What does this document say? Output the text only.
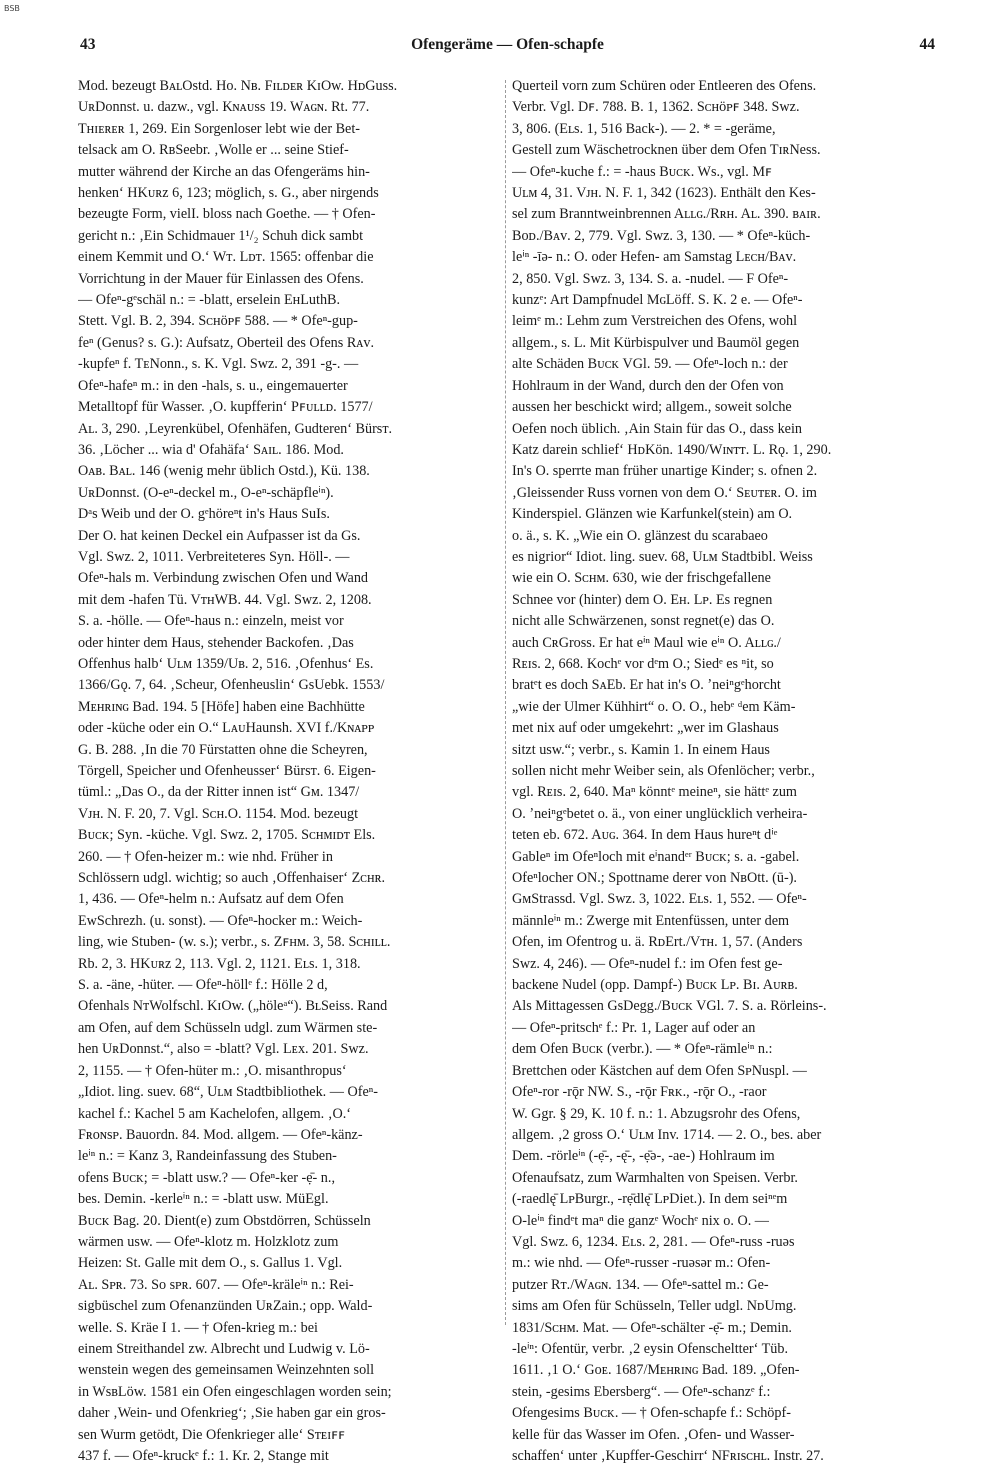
BSB
43	Ofengeräme — Ofen-schapfe	44
Mod. bezeugt BᴀʟOstd. Ho. Nʙ. Fɪʟᴅᴇʀ KɪOw. HᴅGuss.
UʀDonnst. u. dazw., vgl. Kɴᴀᴜss 19. Wᴀɢɴ. Rt. 77.
Tʜɪᴇʀᴇʀ 1, 269. Ein Sorgenloser lebt wie der Bet-
telsack am O. RʙSeebr. ‚Wolle er ... seine Stief-
mutter während der Kirche an das Ofengeräms hin-
henken‘ HKᴜʀᴢ 6, 123; möglich, s. G., aber nirgends
bezeugte Form, vielI. bloss nach Goethe. — † Ofen-
gericht n.: ‚Ein Schidmauer 1¹/₂ Schuh dick sambt
einem Kemmit und O.‘ Wᴛ. Lᴅᴛ. 1565: offenbar die
Vorrichtung in der Mauer für Einlassen des Ofens.
— Ofeⁿ-gᵉschäl n.: = -blatt, erselein EʜLuthB.
Stett. Vgl. B. 2, 394. Sᴄʜöᴘꜰ 588. — * Ofeⁿ-gup-
feⁿ (Genus? s. G.): Aufsatz, Oberteil des Ofens Rᴀᴠ.
-kupfeⁿ f. TᴇNonn., s. K. Vgl. Swz. 2, 391 -g-. —
Ofeⁿ-hafeⁿ m.: in den -hals, s. u., eingemauerter
Metalltopf für Wasser. ‚O. kupfferin‘ Pꜰᴜʟʟᴅ. 1577/
Aʟ. 3, 290. ‚Leyrenkübel, Ofenhäfen, Gudteren‘ Bürsᴛ.
36. ‚Löcher ... wia d' Ofahäfa‘ Sᴀɪʟ. 186. Mod.
Oᴀʙ. Bᴀʟ. 146 (wenig mehr üblich Ostd.), Kü. 138.
UʀDonnst. (O-eⁿ-deckel m., O-eⁿ-schäpfleⁱⁿ).
Dᵃs Weib und der O. gᵉhöreⁿt in's Haus SuIs.
Der O. hat keinen Deckel ein Aufpasser ist da Gs.
Vgl. Swz. 2, 1011. Verbreiteteres Syn. Höll-. —
Ofeⁿ-hals m. Verbindung zwischen Ofen und Wand
mit dem -hafen Tü. VᴛʜWB. 44. Vgl. Swz. 2, 1208.
S. a. -hölle. — Ofeⁿ-haus n.: einzeln, meist vor
oder hinter dem Haus, stehender Backofen. ‚Das
Offenhus halb‘ Uʟᴍ 1359/Uʙ. 2, 516. ‚Ofenhus‘ Es.
1366/Gǫ. 7, 64. ‚Scheur, Ofenheuslin‘ GsUebk. 1553/
Mᴇʜʀɪɴɢ Bad. 194. 5 [Höfe] haben eine Bachhütte
oder -küche oder ein O.“ LᴀᴜHaunsh. XVI f./Kɴᴀᴘᴘ
G. B. 288. ‚In die 70 Fürstatten ohne die Scheyren,
Törgell, Speicher und Ofenheusser‘ Bürsᴛ. 6. Eigen-
tüml.: „Das O., da der Ritter innen ist“ Gᴍ. 1347/
Vᴊʜ. N. F. 20, 7. Vgl. Sᴄʜ.O. 1154. Mod. bezeugt
Bᴜᴄᴋ; Syn. -küche. Vgl. Swz. 2, 1705. Sᴄʜᴍɪᴅᴛ Els.
260. — † Ofen-heizer m.: wie nhd. Früher in
Schlössern udgl. wichtig; so auch ‚Offenhaiser‘ Zᴄʜʀ.
1, 436. — Ofeⁿ-helm n.: Aufsatz auf dem Ofen
EwSchrezh. (u. sonst). — Ofeⁿ-hocker m.: Weich-
ling, wie Stuben- (w. s.); verbr., s. Zꜰʜᴍ. 3, 58. Sᴄʜɪʟʟ.
Rb. 2, 3. HKᴜʀᴢ 2, 113. Vgl. 2, 1121. Eʟs. 1, 318.
S. a. -äne, -hüter. — Ofeⁿ-höllᵉ f.: Hölle 2 d,
Ofenhals NᴛWolfschl. KɪOw. („höleᵃ“). BʟSeiss. Rand
am Ofen, auf dem Schüsseln udgl. zum Wärmen ste-
hen UʀDonnst.“, also = -blatt? Vgl. Lᴇx. 201. Swz.
2, 1155. — † Ofen-hüter m.: ‚O. misanthropus‘
„Idiot. ling. suev. 68“, Uʟᴍ Stadtbibliothek. — Ofeⁿ-
kachel f.: Kachel 5 am Kachelofen, allgem. ‚O.‘
Fʀᴏɴsᴘ. Bauordn. 84. Mod. allgem. — Ofeⁿ-känz-
leⁱⁿ n.: = Kanz 3, Randeinfassung des Stuben-
ofens Bᴜᴄᴋ; = -blatt usw.? — Ofeⁿ-ker -ẹ̄- n.,
bes. Demin. -kerleⁱⁿ n.: = -blatt usw. MüEgl.
Bᴜᴄᴋ Bag. 20. Dient(e) zum Obstdörren, Schüsseln
wärmen usw. — Ofeⁿ-klotz m. Holzklotz zum
Heizen: St. Galle mit dem O., s. Gallus 1. Vgl.
Aʟ. Sᴘʀ. 73. So sᴘʀ. 607. — Ofeⁿ-kräleⁱⁿ n.: Rei-
sigbüschel zum Ofenanzünden UʀZain.; opp. Wald-
welle. S. Kräe I 1. — † Ofen-krieg m.: bei
einem Streithandel zw. Albrecht und Ludwig v. Lö-
wenstein wegen des gemeinsamen Weinzehnten soll
in WsʙLöw. 1581 ein Ofen eingeschlagen worden sein;
daher ‚Wein- und Ofenkrieg‘; ‚Sie haben gar ein gros-
sen Wurm getödt, Die Ofenkrieger alle‘ Sᴛᴇɪꜰꜰ
437 f. — Ofeⁿ-kruckᵉ f.: 1. Kr. 2, Stange mit
Querteil vorn zum Schüren oder Entleeren des Ofens.
Verbr. Vgl. Dꜰ. 788. B. 1, 1362. Sᴄʜöᴘꜰ 348. Swz.
3, 806. (Eʟs. 1, 516 Back-). — 2. * = -geräme,
Gestell zum Wäschetrocknen über dem Ofen TɪʀNess.
— Ofeⁿ-kuche f.: = -haus Bᴜᴄᴋ. Ws., vgl. Mꜰ
Uʟᴍ 4, 31. Vᴊʜ. N. F. 1, 342 (1623). Enthält den Kes-
sel zum Branntweinbrennen Aʟʟɢ./Rʀʜ. Aʟ. 390. ʙᴀɪʀ.
Bᴏᴅ./Bᴀᴠ. 2, 779. Vgl. Swz. 3, 130. — * Ofeⁿ-küch-
leⁱⁿ -īə- n.: O. oder Hefen- am Samstag Lᴇᴄʜ/Bᴀᴠ.
2, 850. Vgl. Swz. 3, 134. S. a. -nudel. — F Ofeⁿ-
kunzᵉ: Art Dampfnudel MɢLöff. S. K. 2 e. — Ofeⁿ-
leimᵉ m.: Lehm zum Verstreichen des Ofens, wohl
allgem., s. L. Mit Kürbispulver und Baumöl gegen
alte Schäden Bᴜᴄᴋ VGl. 59. — Ofeⁿ-loch n.: der
Hohlraum in der Wand, durch den der Ofen von
aussen her beschickt wird; allgem., soweit solche
Oefen noch üblich. ‚Ain Stain für das O., dass kein
Katz darein schlief‘ HᴅKön. 1490/Wɪɴᴛᴛ. L. Rǫ. 1, 290.
In's O. sperrte man früher unartige Kinder; s. ofnen 2.
‚Gleissender Russ vornen von dem O.‘ Sᴇᴜᴛᴇʀ. O. im
Kinderspiel. Glänzen wie Karfunkel(stein) am O.
o. ä., s. K. „Wie ein O. glänzest du scarabaeo
es nigrior“ Idiot. ling. suev. 68, Uʟᴍ Stadtbibl. Weiss
wie ein O. Sᴄʜᴍ. 630, wie der frischgefallene
Schnee vor (hinter) dem O. Eʜ. Lᴘ. Es regnen
nicht alle Schwärzenen, sonst regnet(e) das O.
auch CʀGross. Er hat eⁱⁿ Maul wie eⁱⁿ O. Aʟʟɢ./
Rᴇɪs. 2, 668. Kochᵉ vor dᵉm O.; Siedᵉ es ⁿit, so
bratᵉt es doch SᴀEb. Er hat in's O. ʼneiⁿgᵉhorcht
„wie der Ulmer Kühhirt“ o. O. O., hebᵉ ᵈem Käm-
met nix auf oder umgekehrt: „wer im Glashaus
sitzt usw.“; verbr., s. Kamin 1. In einem Haus
sollen nicht mehr Weiber sein, als Ofenlöcher; verbr.,
vgl. Rᴇɪs. 2, 640. Maⁿ könntᵉ meineⁿ, sie hättᵉ zum
O. ʼneiⁿgᵉbetet o. ä., von einer unglücklich verheira-
teten eb. 672. Aᴜɢ. 364. In dem Haus hureⁿt dⁱᵉ
Gableⁿ im Ofeⁿloch mit eⁱnandᵉʳ Bᴜᴄᴋ; s. a. -gabel.
Ofeⁿlocher ON.; Spottname derer von NʙOtt. (ū-).
GᴍStrassd. Vgl. Swz. 3, 1022. Eʟs. 1, 552. — Ofeⁿ-
männleⁱⁿ m.: Zwerge mit Entenfüssen, unter dem
Ofen, im Ofentrog u. ä. RᴅErt./Vᴛʜ. 1, 57. (Anders
Swz. 4, 246). — Ofeⁿ-nudel f.: im Ofen fest ge-
backene Nudel (opp. Dampf-) Bᴜᴄᴋ Lᴘ. Bɪ. Aᴜʀʙ.
Als Mittagessen GsDegg./Bᴜᴄᴋ VGl. 7. S. a. Rörleins-.
— Ofeⁿ-pritschᵉ f.: Pr. 1, Lager auf oder an
dem Ofen Bᴜᴄᴋ (verbr.). — * Ofeⁿ-rämleⁱⁿ n.:
Brettchen oder Kästchen auf dem Ofen SᴘNuspl. —
Ofeⁿ-ror -rǭr NW. S., -rǭr Fʀᴋ., -rǭr O., -raor
W. Ggr. § 29, K. 10 f. n.: 1. Abzugsrohr des Ofens,
allgem. ‚2 gross O.‘ Uʟᴍ Inv. 1714. — 2. O., bes. aber
Dem. -rörleⁱⁿ (-ẹ̄-, -ę̄-, -ẹ̄ə-, -ae-) Hohlraum im
Ofenaufsatz, zum Warmhalten von Speisen. Verbr.
(-raedlę̄ LᴘBurgr., -rẹ̄dlę̄ LᴘDiet.). In dem seiⁿᵉm
O-leⁱⁿ findᵉt maⁿ die ganzᵉ Wochᵉ nix o. O. —
Vgl. Swz. 6, 1234. Eʟs. 2, 281. — Ofeⁿ-russ -ruəs
m.: wie nhd. — Ofeⁿ-russer -ruəsər m.: Ofen-
putzer Rᴛ./Wᴀɢɴ. 134. — Ofeⁿ-sattel m.: Ge-
sims am Ofen für Schüsseln, Teller udgl. NᴅUmg.
1831/Sᴄʜᴍ. Mat. — Ofeⁿ-schälter -ẹ̄- m.; Demin.
-leⁱⁿ: Ofentür, verbr. ‚2 eysin Ofenscheltter‘ Tüb.
1611. ‚1 O.‘ Gᴏᴇ. 1687/Mᴇʜʀɪɴɢ Bad. 189. „Ofen-
stein, -gesims Ebersberg“. — Ofeⁿ-schanzᵉ f.:
Ofengesims Bᴜᴄᴋ. — † Ofen-schapfe f.: Schöpf-
kelle für das Wasser im Ofen. ‚Ofen- und Wasser-
schaffen‘ unter ‚Kupffer-Geschirr‘ NFʀɪsᴄʜʟ. Instr. 27.
